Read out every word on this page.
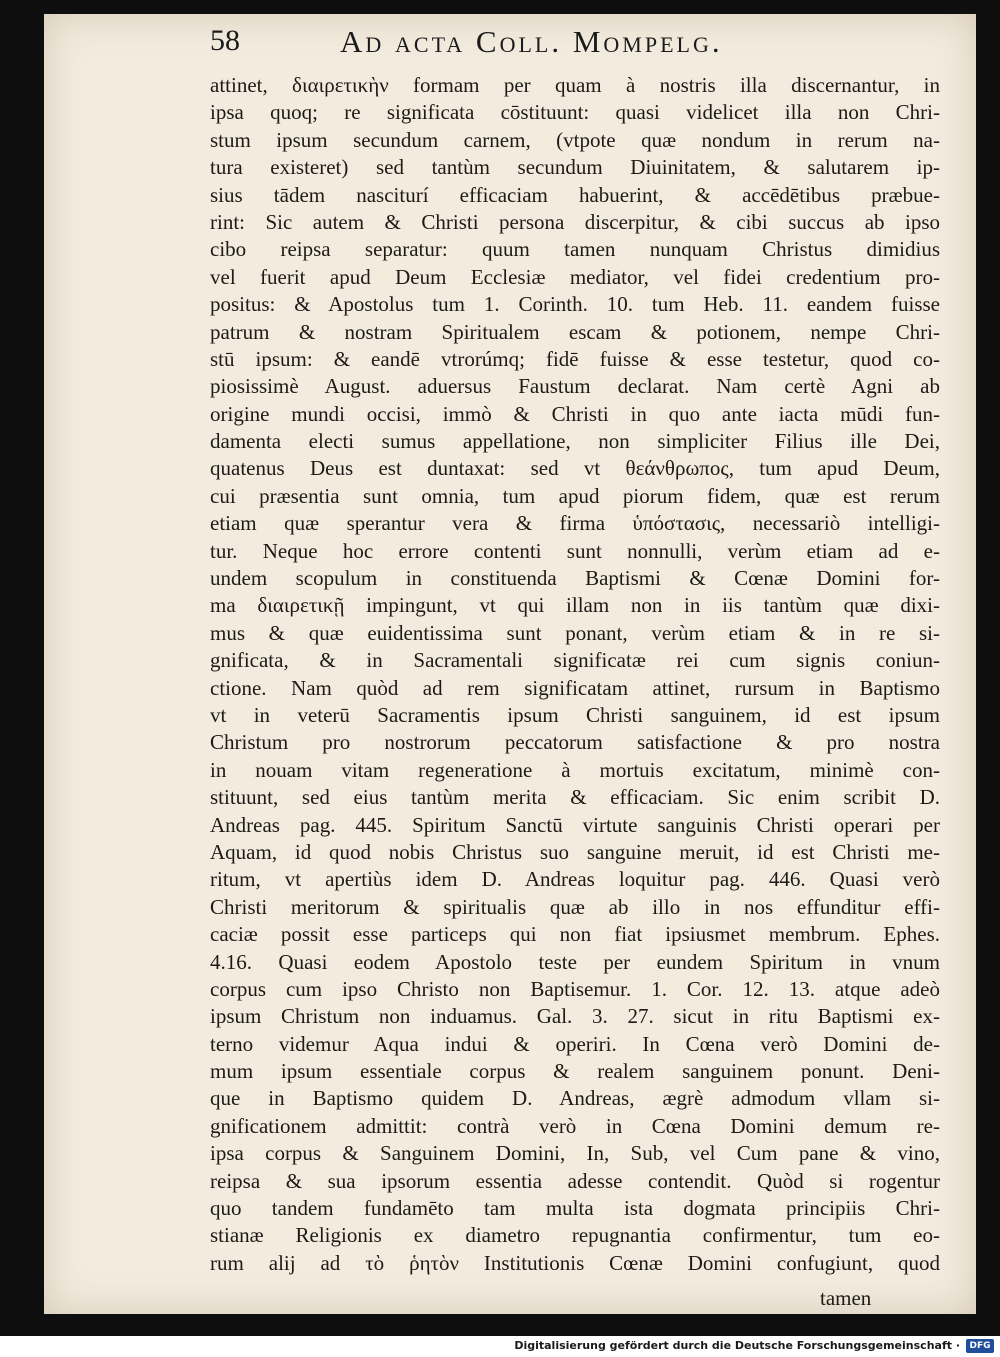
58	Ad acta Coll. Mompelg.
attinet, διαιρετικὴν formam per quam à nostris illa discernantur, in
ipsa quoq; re significata cōstituunt: quasi videlicet illa non Chri-
stum ipsum secundum carnem, (vtpote quæ nondum in rerum na-
tura existeret) sed tantùm secundum Diuinitatem, & salutarem ip-
sius tādem nasciturí efficaciam habuerint, & accēdētibus præbue-
rint: Sic autem & Christi persona discerpitur, & cibi succus ab ipso
cibo reipsa separatur: quum tamen nunquam Christus dimidius
vel fuerit apud Deum Ecclesiæ mediator, vel fidei credentium pro-
positus: & Apostolus tum 1. Corinth. 10. tum Heb. 11. eandem fuisse
patrum & nostram Spiritualem escam & potionem, nempe Chri-
stū ipsum: & eandē vtrorúmq; fidē fuisse & esse testetur, quod co-
piosissimè August. aduersus Faustum declarat. Nam certè Agni ab
origine mundi occisi, immò & Christi in quo ante iacta mūdi fun-
damenta electi sumus appellatione, non simpliciter Filius ille Dei,
quatenus Deus est duntaxat: sed vt θεάνθρωπος, tum apud Deum,
cui præsentia sunt omnia, tum apud piorum fidem, quæ est rerum
etiam quæ sperantur vera & firma ὑπόστασις, necessariò intelligi-
tur. Neque hoc errore contenti sunt nonnulli, verùm etiam ad e-
undem scopulum in constituenda Baptismi & Cœnæ Domini for-
ma διαιρετικῇ impingunt, vt qui illam non in iis tantùm quæ dixi-
mus & quæ euidentissima sunt ponant, verùm etiam & in re si-
gnificata, & in Sacramentali significatæ rei cum signis coniun-
ctione. Nam quòd ad rem significatam attinet, rursum in Baptismo
vt in veterū Sacramentis ipsum Christi sanguinem, id est ipsum
Christum pro nostrorum peccatorum satisfactione & pro nostra
in nouam vitam regeneratione à mortuis excitatum, minimè con-
stituunt, sed eius tantùm merita & efficaciam. Sic enim scribit D.
Andreas pag. 445. Spiritum Sanctū virtute sanguinis Christi operari per
Aquam, id quod nobis Christus suo sanguine meruit, id est Christi me-
ritum, vt apertiùs idem D. Andreas loquitur pag. 446. Quasi verò
Christi meritorum & spiritualis quæ ab illo in nos effunditur effi-
caciæ possit esse particeps qui non fiat ipsiusmet membrum. Ephes.
4.16. Quasi eodem Apostolo teste per eundem Spiritum in vnum
corpus cum ipso Christo non Baptisemur. 1. Cor. 12. 13. atque adeò
ipsum Christum non induamus. Gal. 3. 27. sicut in ritu Baptismi ex-
terno videmur Aqua indui & operiri. In Cœna verò Domini de-
mum ipsum essentiale corpus & realem sanguinem ponunt. Deni-
que in Baptismo quidem D. Andreas, ægrè admodum vllam si-
gnificationem admittit: contrà verò in Cœna Domini demum re-
ipsa corpus & Sanguinem Domini, In, Sub, vel Cum pane & vino,
reipsa & sua ipsorum essentia adesse contendit. Quòd si rogentur
quo tandem fundamēto tam multa ista dogmata principiis Chri-
stianæ Religionis ex diametro repugnantia confirmentur, tum eo-
rum alij ad τὸ ῥητὸν Institutionis Cœnæ Domini confugiunt, quod
tamen
Digitalisierung gefördert durch die Deutsche Forschungsgemeinschaft ·	DFG
